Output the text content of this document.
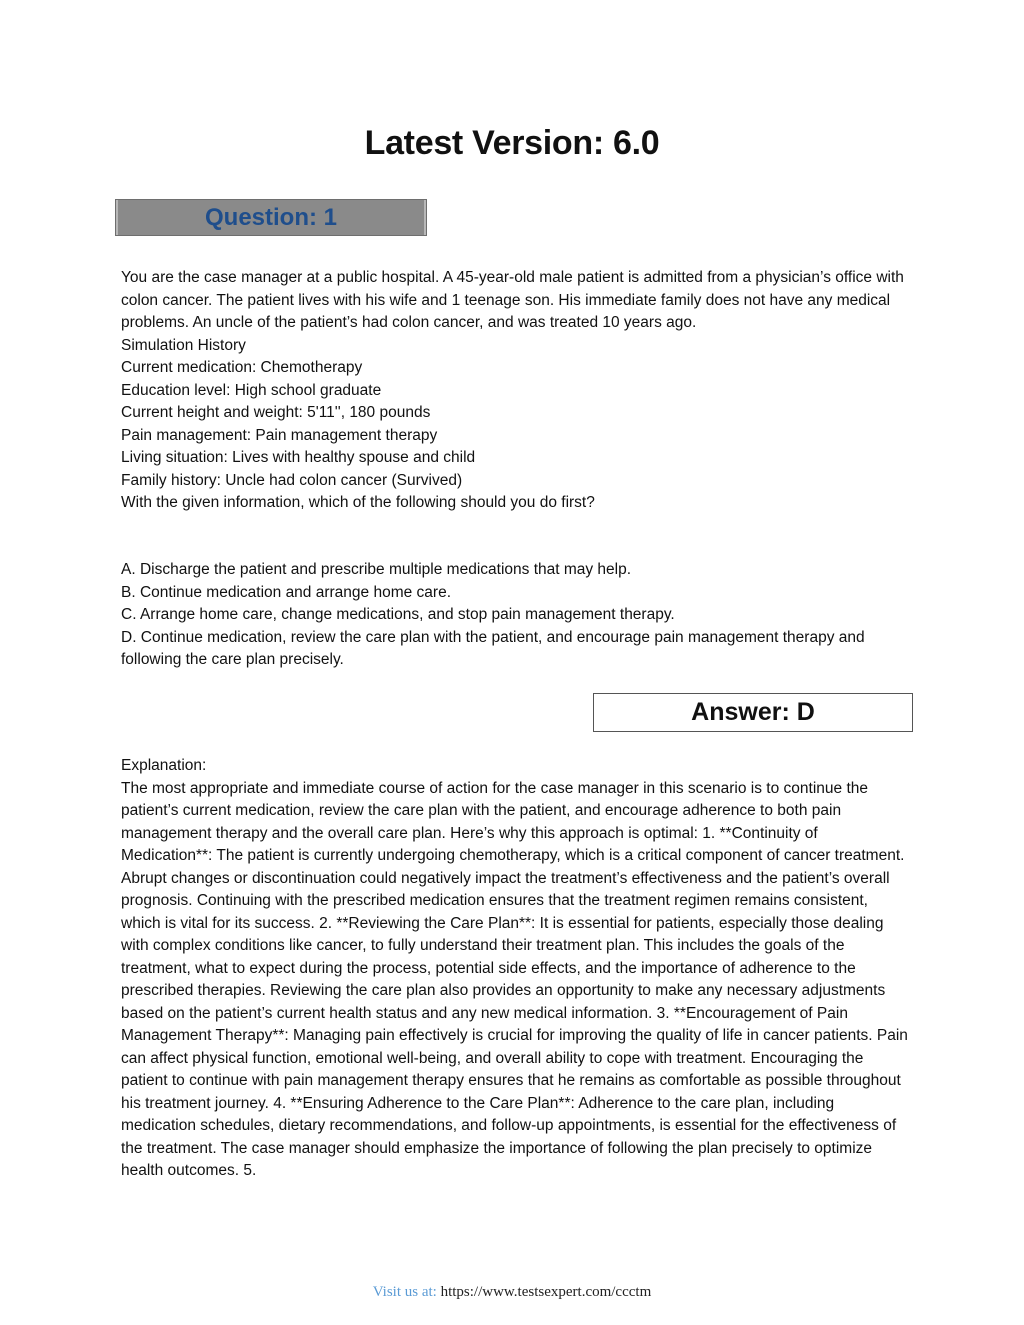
Latest Version: 6.0
Question: 1

You are the case manager at a public hospital. A 45-year-old male patient is admitted from a physician’s office with colon cancer. The patient lives with his wife and 1 teenage son. His immediate family does not have any medical problems. An uncle of the patient’s had colon cancer, and was treated 10 years ago.

Simulation History

Current medication: Chemotherapy

Education level: High school graduate

Current height and weight: 5'11'', 180 pounds

Pain management: Pain management therapy

Living situation: Lives with healthy spouse and child

Family history: Uncle had colon cancer (Survived)

With the given information, which of the following should you do first?

A. Discharge the patient and prescribe multiple medications that may help.

B. Continue medication and arrange home care.

C. Arrange home care, change medications, and stop pain management therapy.

D. Continue medication, review the care plan with the patient, and encourage pain management therapy and following the care plan precisely.

Answer: D

Explanation:

The most appropriate and immediate course of action for the case manager in this scenario is to continue the patient’s current medication, review the care plan with the patient, and encourage adherence to both pain management therapy and the overall care plan. Here’s why this approach is optimal: 1. **Continuity of Medication**: The patient is currently undergoing chemotherapy, which is a critical component of cancer treatment. Abrupt changes or discontinuation could negatively impact the treatment’s effectiveness and the patient’s overall prognosis. Continuing with the prescribed medication ensures that the treatment regimen remains consistent, which is vital for its success. 2. **Reviewing the Care Plan**: It is essential for patients, especially those dealing with complex conditions like cancer, to fully understand their treatment plan. This includes the goals of the treatment, what to expect during the process, potential side effects, and the importance of adherence to the prescribed therapies. Reviewing the care plan also provides an opportunity to make any necessary adjustments based on the patient’s current health status and any new medical information. 3. **Encouragement of Pain Management Therapy**: Managing pain effectively is crucial for improving the quality of life in cancer patients. Pain can affect physical function, emotional well-being, and overall ability to cope with treatment. Encouraging the patient to continue with pain management therapy ensures that he remains as comfortable as possible throughout his treatment journey. 4. **Ensuring Adherence to the Care Plan**: Adherence to the care plan, including medication schedules, dietary recommendations, and follow-up appointments, is essential for the effectiveness of the treatment. The case manager should emphasize the importance of following the plan precisely to optimize health outcomes. 5.

Visit us at: https://www.testsexpert.com/ccctm
